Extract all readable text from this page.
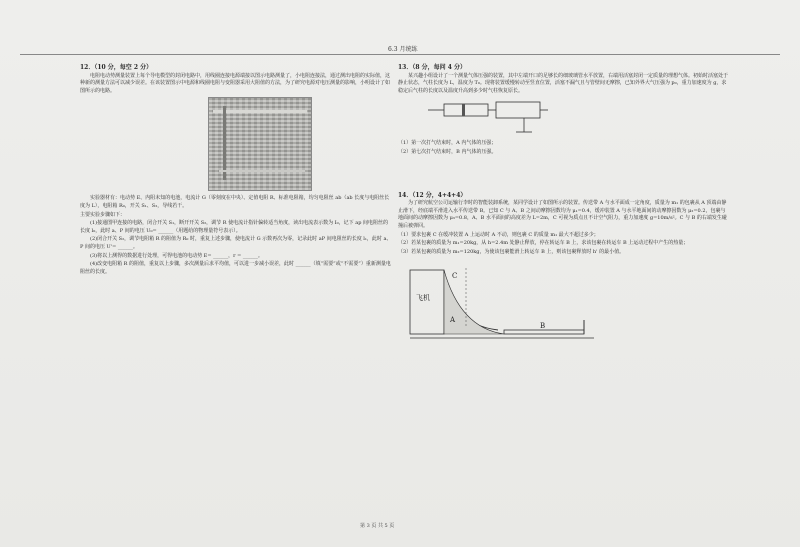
6.3 月统练
12．（10 分，每空 2 分）

电阻电动势测量装置上每个导电模型的封闭电路中，用线圈连接电源端接以图示电路测量了，小电阻连接法，通过测出电阻的实际值，这种新的测量方法可以减少误差。在该装置图示中电源和线圈电阻与变阻器采用大阻值的方法，为了研究电源对电压测量的影响，小明设计了如图所示的电路。

实验器材有：电动势 E、内阻未知的电池，电流计 G（零刻度在中央）、定值电阻 R、标准电阻箱，均匀电阻丝 ab（ab 长度与电阻丝长度为 L），电阻箱 R₀，开关 S₁、S₂，导线若干。

主要实验步骤如下：

(1)接通图甲连接的电路，闭合开关 S₁，断开开关 S₂，调节 R 使电流计指针偏转适当角度，读出电流表示数为 I₀，记下 ap 间电阻丝的长度 l₀，此时 a、P 间的电压 U₀= ______（用题给的物理量符号表示）。

(2)闭合开关 S₂，调节电阻箱 R 的阻值为 R₀ 时，重复上述步骤，使电流计 G 示数再次为零，记录此时 aP 间电阻丝的长度 l₁，此时 a、P 间的电压 U'= ______。

(3)将以上测得的数据进行处理，可得电池的电动势 E= ______，r = ______。

(4)改变电阻箱 R 的阻值，重复以上步骤，多次测量后求平均值，可以进一步减小误差，此时 ______（填“需要”或“不需要”）重新测量电阻丝的长度。

13．（8 分，每问 4 分）

某兴趣小组设计了一个测量气体压强的装置，其中左端开口的足够长的细玻璃管水平放置，右端用活塞封闭一定质量的理想气体。初始时活塞处于静止状态，气柱长度为 L，温度为 T₀。现将装置缓慢转动至竖直位置，活塞不漏气且与管壁间无摩擦，已知外界大气压强为 p₀，重力加速度为 g，求稳定后气柱的长度以及温度升高到多少时气柱恢复原长。

（1）第一次打气结束时，A 内气体的压强；

（2）第七次打气结束时，B 内气体的压强。

14．（12 分，4+4+4）

为了研究航空公司运输行李时的智能装卸系统，某同学设计了如图所示的装置。传送带 A 与水平面成一定角度，质量为 m₁ 的包裹从 A 顶端由静止滑下，经底端平滑进入水平传送带 B。已知 C 与 A、B 之间动摩擦因数均为 μ₁=0.4，缓冲装置 A 与水平地面间的动摩擦因数为 μ₂=0.2，包裹与地面间的动摩擦因数为 μ₃=0.8，A、B 水平面间的高度差为 L=2m，C 可视为质点且不计空气阻力，重力加速度 g=10m/s²。C 与 B 的右端发生碰撞后被弹回。

（1）要求包裹 C 在缓冲装置 A 上运动时 A 不动，则包裹 C 的质量 m₁ 最大不超过多少；

（2）若某包裹的质量为 m₁=20kg，从 h=2.4m 处静止释放，停在转运车 B 上，求该包裹在转运车 B 上运动过程中产生的热量；

（3）若某包裹的质量为 m₂=120kg，为使该包裹能滑上转运车 B 上，则该包裹释放时 h' 的最小值。

飞机
C
A
B
第 3 页 共 5 页
